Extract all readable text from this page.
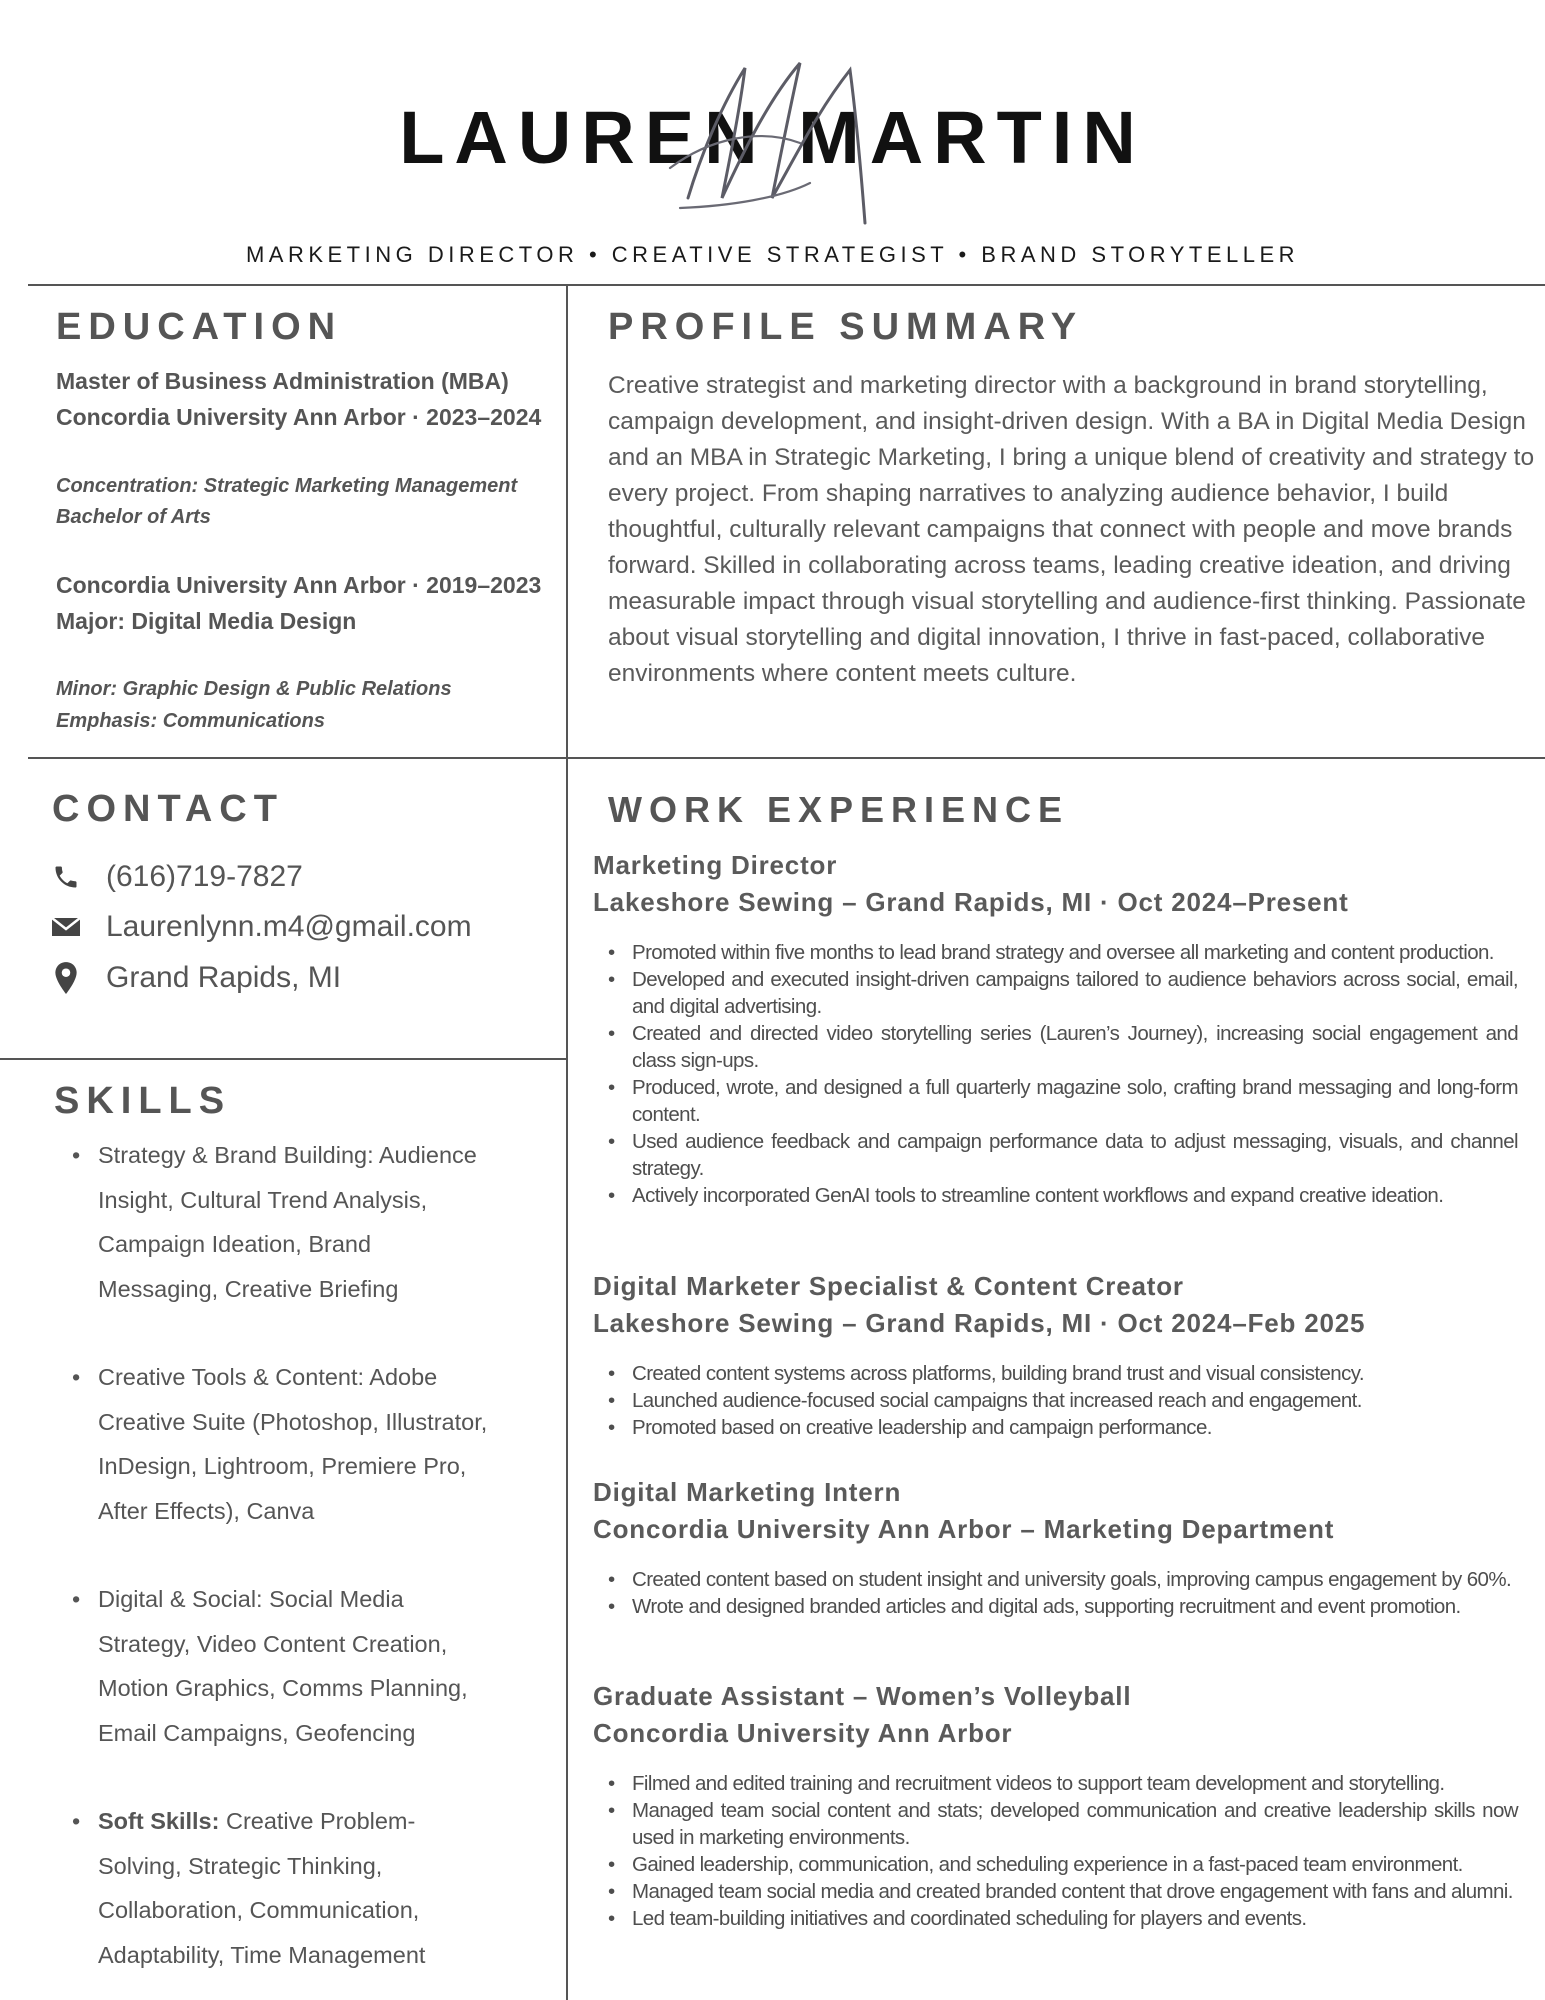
LAUREN MARTIN
MARKETING DIRECTOR • CREATIVE STRATEGIST • BRAND STORYTELLER
EDUCATION
Master of Business Administration (MBA)
Concordia University Ann Arbor · 2023–2024
Concentration: Strategic Marketing Management
Bachelor of Arts
Concordia University Ann Arbor · 2019–2023
Major: Digital Media Design
Minor: Graphic Design & Public Relations
Emphasis: Communications
PROFILE SUMMARY
Creative strategist and marketing director with a background in brand storytelling, campaign development, and insight-driven design. With a BA in Digital Media Design and an MBA in Strategic Marketing, I bring a unique blend of creativity and strategy to every project. From shaping narratives to analyzing audience behavior, I build thoughtful, culturally relevant campaigns that connect with people and move brands forward. Skilled in collaborating across teams, leading creative ideation, and driving measurable impact through visual storytelling and audience-first thinking. Passionate about visual storytelling and digital innovation, I thrive in fast-paced, collaborative environments where content meets culture.
CONTACT
(616)719-7827
Laurenlynn.m4@gmail.com
Grand Rapids, MI
SKILLS
• Strategy & Brand Building: Audience Insight, Cultural Trend Analysis, Campaign Ideation, Brand Messaging, Creative Briefing
• Creative Tools & Content: Adobe Creative Suite (Photoshop, Illustrator, InDesign, Lightroom, Premiere Pro, After Effects), Canva
• Digital & Social: Social Media Strategy, Video Content Creation, Motion Graphics, Comms Planning, Email Campaigns, Geofencing
• Soft Skills: Creative Problem-Solving, Strategic Thinking, Collaboration, Communication, Adaptability, Time Management
WORK EXPERIENCE
Marketing Director
Lakeshore Sewing – Grand Rapids, MI · Oct 2024–Present
• Promoted within five months to lead brand strategy and oversee all marketing and content production.
• Developed and executed insight-driven campaigns tailored to audience behaviors across social, email, and digital advertising.
• Created and directed video storytelling series (Lauren’s Journey), increasing social engagement and class sign-ups.
• Produced, wrote, and designed a full quarterly magazine solo, crafting brand messaging and long-form content.
• Used audience feedback and campaign performance data to adjust messaging, visuals, and channel strategy.
• Actively incorporated GenAI tools to streamline content workflows and expand creative ideation.
Digital Marketer Specialist & Content Creator
Lakeshore Sewing – Grand Rapids, MI · Oct 2024–Feb 2025
• Created content systems across platforms, building brand trust and visual consistency.
• Launched audience-focused social campaigns that increased reach and engagement.
• Promoted based on creative leadership and campaign performance.
Digital Marketing Intern
Concordia University Ann Arbor – Marketing Department
• Created content based on student insight and university goals, improving campus engagement by 60%.
• Wrote and designed branded articles and digital ads, supporting recruitment and event promotion.
Graduate Assistant – Women’s Volleyball
Concordia University Ann Arbor
• Filmed and edited training and recruitment videos to support team development and storytelling.
• Managed team social content and stats; developed communication and creative leadership skills now used in marketing environments.
• Gained leadership, communication, and scheduling experience in a fast-paced team environment.
• Managed team social media and created branded content that drove engagement with fans and alumni.
• Led team-building initiatives and coordinated scheduling for players and events.
